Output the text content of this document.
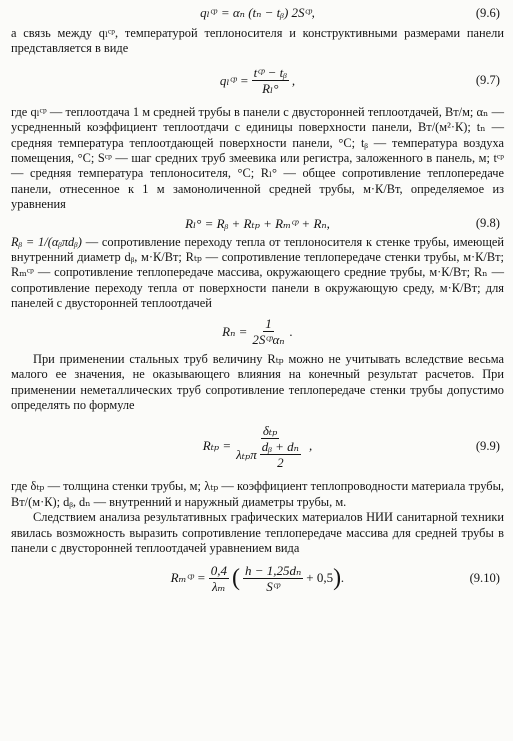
qₗᶜᵖ = αₙ (tₙ − tᵦ) 2Sᶜᵖ,	(9.6)

а связь между qₗᶜᵖ, температурой теплоносителя и конструктивными размерами панели представляется в виде

qₗᶜᵖ = $\frac{\text{tᶜᵖ − tᵦ}}{\text{Rₗ°}}$ ,	(9.7)

где qₗᶜᵖ — теплоотдача 1 м средней трубы в панели с двусторонней теплоотдачей, Вт/м; αₙ — усредненный коэффициент теплоотдачи с единицы поверхности панели, Вт/(м²·К); tₙ — средняя температура теплоотдающей поверхности панели, °С; tᵦ — температура воздуха помещения, °С; Sᶜᵖ — шаг средних труб змеевика или регистра, заложенного в панель, м; tᶜᵖ — средняя температура теплоносителя, °С; Rₗ° — общее сопротивление теплопередаче панели, отнесенное к 1 м замоноличенной средней трубы, м·К/Вт, определяемое из уравнения

Rₗ° = Rᵦ + Rₜₚ + Rₘᶜᵖ + Rₙ,	(9.8)

Rᵦ = 1/(αᵦπdᵦ) — сопротивление переходу тепла от теплоносителя к стенке трубы, имеющей внутренний диаметр dᵦ, м·К/Вт; Rₜₚ — сопротивление теплопередаче стенки трубы, м·К/Вт; Rₘᶜᵖ — сопротивление теплопередаче массива, окружающего средние трубы, м·К/Вт; Rₙ — сопротивление переходу тепла от поверхности панели в окружающую среду, м·К/Вт; для панелей с двусторонней теплоотдачей

$R_n = \frac{1}{\text{2Sᶜᵖαₙ}}$ .

При применении стальных труб величину Rₜₚ можно не учитывать вследствие весьма малого ее значения, не оказывающего влияния на конечный результат расчетов. При применении неметаллических труб сопротивление теплопередаче стенки трубы допустимо определять по формуле

$R_{tp} = \frac{\text{δₜₚ}}{\lambda_{tp}\pi \frac{\text{dᵦ + dₙ}}{2}}$ ,	(9.9)

где δₜₚ — толщина стенки трубы, м; λₜₚ — коэффициент теплопроводности материала трубы, Вт/(м·К); dᵦ, dₙ — внутренний и наружный диаметры трубы, м.

Следствием анализа результативных графических материалов НИИ санитарной техники явилась возможность выразить сопротивление теплопередаче массива для средней трубы в панели с двусторонней теплоотдачей уравнением вида

Rₘᶜᵖ = $\frac{0,4}{\text{λₘ}}$ ( $\frac{\text{h − 1,25dₙ}}{\text{Sᶜᵖ}} + 0,5$ ) .	(9.10)
